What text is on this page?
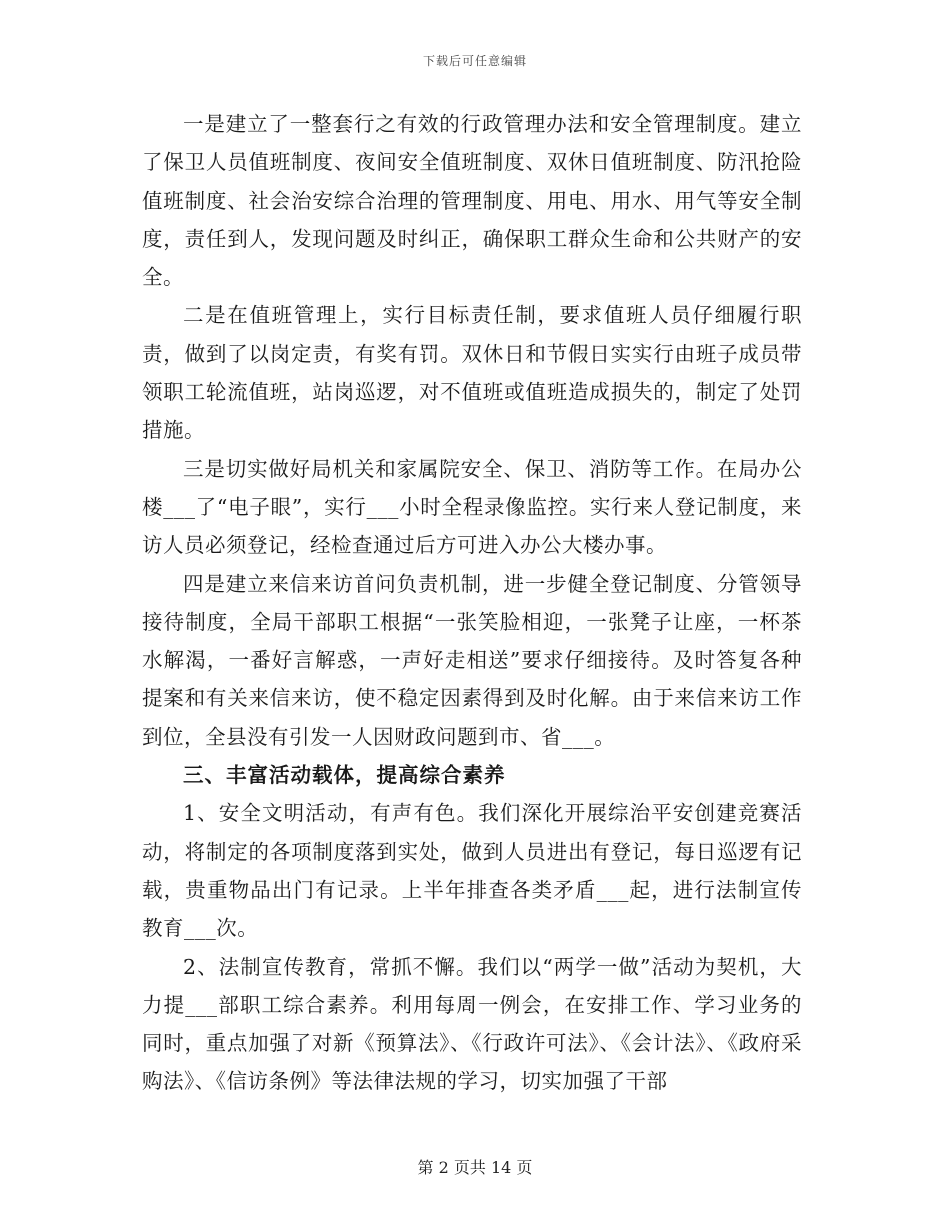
下载后可任意编辑

一是建立了一整套行之有效的行政管理办法和安全管理制度。建立了保卫人员值班制度、夜间安全值班制度、双休日值班制度、防汛抢险值班制度、社会治安综合治理的管理制度、用电、用水、用气等安全制度，责任到人，发现问题及时纠正，确保职工群众生命和公共财产的安全。

二是在值班管理上，实行目标责任制，要求值班人员仔细履行职责，做到了以岗定责，有奖有罚。双休日和节假日实实行由班子成员带领职工轮流值班，站岗巡逻，对不值班或值班造成损失的，制定了处罚措施。

三是切实做好局机关和家属院安全、保卫、消防等工作。在局办公楼___了“电子眼”，实行___小时全程录像监控。实行来人登记制度，来访人员必须登记，经检查通过后方可进入办公大楼办事。

四是建立来信来访首问负责机制，进一步健全登记制度、分管领导接待制度，全局干部职工根据“一张笑脸相迎，一张凳子让座，一杯茶水解渴，一番好言解惑，一声好走相送”要求仔细接待。及时答复各种提案和有关来信来访，使不稳定因素得到及时化解。由于来信来访工作到位，全县没有引发一人因财政问题到市、省___。

三、丰富活动载体，提高综合素养

1、安全文明活动，有声有色。我们深化开展综治平安创建竞赛活动，将制定的各项制度落到实处，做到人员进出有登记，每日巡逻有记载，贵重物品出门有记录。上半年排查各类矛盾___起，进行法制宣传教育___次。

2、法制宣传教育，常抓不懈。我们以“两学一做”活动为契机，大力提___部职工综合素养。利用每周一例会，在安排工作、学习业务的同时，重点加强了对新《预算法》、《行政许可法》、《会计法》、《政府采购法》、《信访条例》等法律法规的学习，切实加强了干部

第 2 页共 14 页
